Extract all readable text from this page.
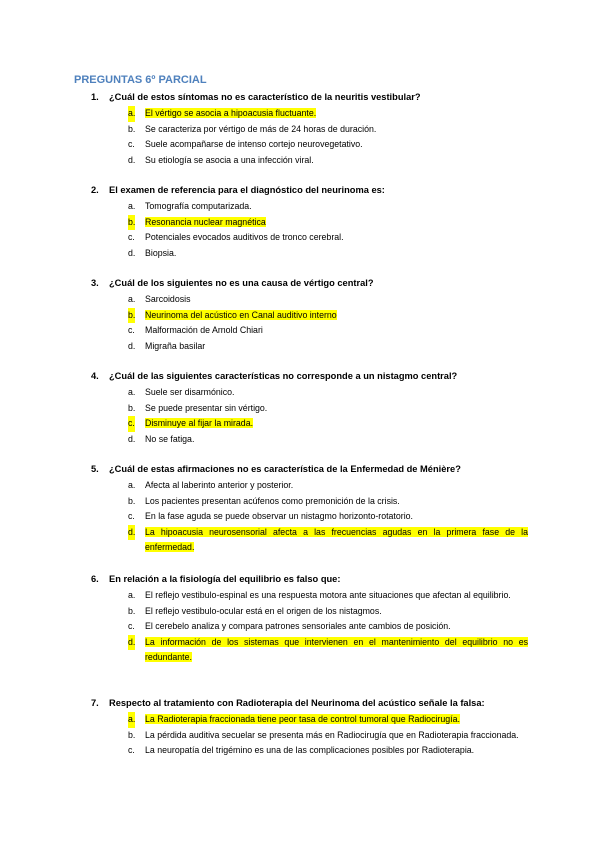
PREGUNTAS 6º PARCIAL
1. ¿Cuál de estos síntomas no es característico de la neuritis vestibular?
a. El vértigo se asocia a hipoacusia fluctuante.
b. Se caracteriza por vértigo de más de 24 horas de duración.
c. Suele acompañarse de intenso cortejo neurovegetativo.
d. Su etiología se asocia a una infección viral.
2. El examen de referencia para el diagnóstico del neurinoma es:
a. Tomografía computarizada.
b. Resonancia nuclear magnética
c. Potenciales evocados auditivos de tronco cerebral.
d. Biopsia.
3. ¿Cuál de los siguientes no es una causa de vértigo central?
a. Sarcoidosis
b. Neurinoma del acústico en Canal auditivo interno
c. Malformación de Arnold Chiari
d. Migraña basilar
4. ¿Cuál de las siguientes características no corresponde a un nistagmo central?
a. Suele ser disarmónico.
b. Se puede presentar sin vértigo.
c. Disminuye al fijar la mirada.
d. No se fatiga.
5. ¿Cuál de estas afirmaciones no es característica de la Enfermedad de Ménière?
a. Afecta al laberinto anterior y posterior.
b. Los pacientes presentan acúfenos como premonición de la crisis.
c. En la fase aguda se puede observar un nistagmo horizonto-rotatorio.
d. La hipoacusia neurosensorial afecta a las frecuencias agudas en la primera fase de la enfermedad.
6. En relación a la fisiología del equilibrio es falso que:
a. El reflejo vestibulo-espinal es una respuesta motora ante situaciones que afectan al equilibrio.
b. El reflejo vestibulo-ocular está en el origen de los nistagmos.
c. El cerebelo analiza y compara patrones sensoriales ante cambios de posición.
d. La información de los sistemas que intervienen en el mantenimiento del equilibrio no es redundante.
7. Respecto al tratamiento con Radioterapia del Neurinoma del acústico señale la falsa:
a. La Radioterapia fraccionada tiene peor tasa de control tumoral que Radiocirugía.
b. La pérdida auditiva secuelar se presenta más en Radiocirugía que en Radioterapia fraccionada.
c. La neuropatía del trigémino es una de las complicaciones posibles por Radioterapia.
